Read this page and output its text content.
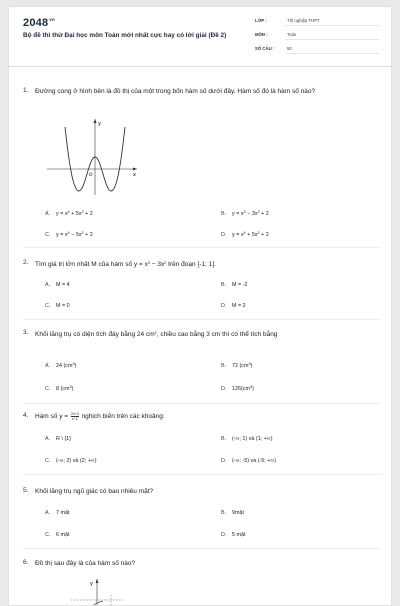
$2048^{vn}$
Bộ đề thi thử Đại học môn Toán mới nhất cực hay có lời giải (Đề 2)
LỚP :	Tốt nghiệp THPT
MÔN :	Toán
SỐ CÂU :	50
1. Đường cong ở hình bên là đồ thị của một trong bốn hàm số dưới đây. Hàm số đó là hàm số nào?
y
x
O
A. $y = x^4 + 5x^2 + 2$	B. $y = x^3 - 3x^2 + 2$
C. $y = x^4 - 5x^2 + 2$	D. $y = x^4 + 5x^2 + 2$
2. Tìm giá trị lớn nhất M của hàm số $y = x^3 - 3x^2$ trên đoạn [-1; 1].
A. M = 4	B. M = -2
C. M = 0	D. M = 2
3. Khối lăng trụ có diện tích đáy bằng 24 $cm^2$, chiều cao bằng 3 cm thì có thể tích bằng
A. 24 $(cm^3)$	B. 72 $(cm^3)$
C. 8 $(cm^3)$	D. $126(cm^3)$
4. Hàm số $y = \frac{2x+3}{x-1}$ nghịch biến trên các khoảng:
A. R \ {1}	B. (-∞; 1) và (1; +∞)
C. (-∞; 2) và (2; +∞)	D. (-∞; -5) và (-5; +∞)
5. Khối lăng trụ ngũ giác có bao nhiêu mặt?
A. 7 mặt	B. 9mặt
C. 6 mặt	D. 5 mặt
6. Đồ thị sau đây là của hàm số nào?
y
